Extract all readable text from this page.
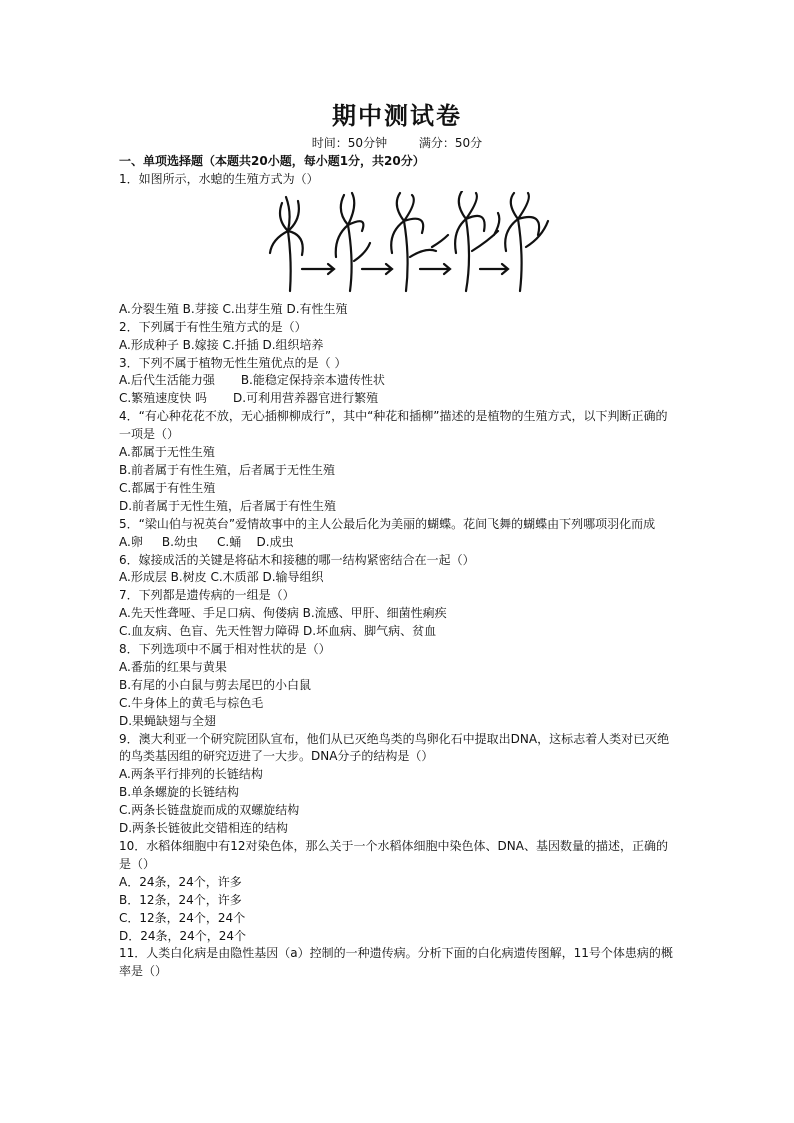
期中测试卷
时间：50分钟	满分：50分
一、单项选择题（本题共20小题，每小题1分，共20分）
1．如图所示，水螅的生殖方式为（）
A.分裂生殖 B.芽接 C.出芽生殖 D.有性生殖
2．下列属于有性生殖方式的是（）
A.形成种子 B.嫁接 C.扦插 D.组织培养
3．下列不属于植物无性生殖优点的是（ ）
A.后代生活能力强 B.能稳定保持亲本遗传性状
C.繁殖速度快 吗 D.可利用营养器官进行繁殖
4．“有心种花花不放，无心插柳柳成行”，其中“种花和插柳”描述的是植物的生殖方式，以下判断正确的一项是（）
A.都属于无性生殖
B.前者属于有性生殖，后者属于无性生殖
C.都属于有性生殖
D.前者属于无性生殖，后者属于有性生殖
5．“梁山伯与祝英台”爱情故事中的主人公最后化为美丽的蝴蝶。花间飞舞的蝴蝶由下列哪项羽化而成
A.卵 B.幼虫 C.蛹 D.成虫
6．嫁接成活的关键是将砧木和接穗的哪一结构紧密结合在一起（）
A.形成层 B.树皮 C.木质部 D.输导组织
7．下列都是遗传病的一组是（）
A.先天性聋哑、手足口病、佝偻病 B.流感、甲肝、细菌性痢疾
C.血友病、色盲、先天性智力障碍 D.坏血病、脚气病、贫血
8．下列选项中不属于相对性状的是（）
A.番茄的红果与黄果
B.有尾的小白鼠与剪去尾巴的小白鼠
C.牛身体上的黄毛与棕色毛
D.果蝇缺翅与全翅
9．澳大利亚一个研究院团队宣布，他们从已灭绝鸟类的鸟卵化石中提取出DNA，这标志着人类对已灭绝的鸟类基因组的研究迈进了一大步。DNA分子的结构是（）
A.两条平行排列的长链结构
B.单条螺旋的长链结构
C.两条长链盘旋而成的双螺旋结构
D.两条长链彼此交错相连的结构
10．水稻体细胞中有12对染色体，那么关于一个水稻体细胞中染色体、DNA、基因数量的描述，正确的是（）
A．24条，24个，许多
B．12条，24个，许多
C．12条，24个，24个
D．24条，24个，24个
11．人类白化病是由隐性基因（a）控制的一种遗传病。分析下面的白化病遗传图解，11号个体患病的概率是（）
